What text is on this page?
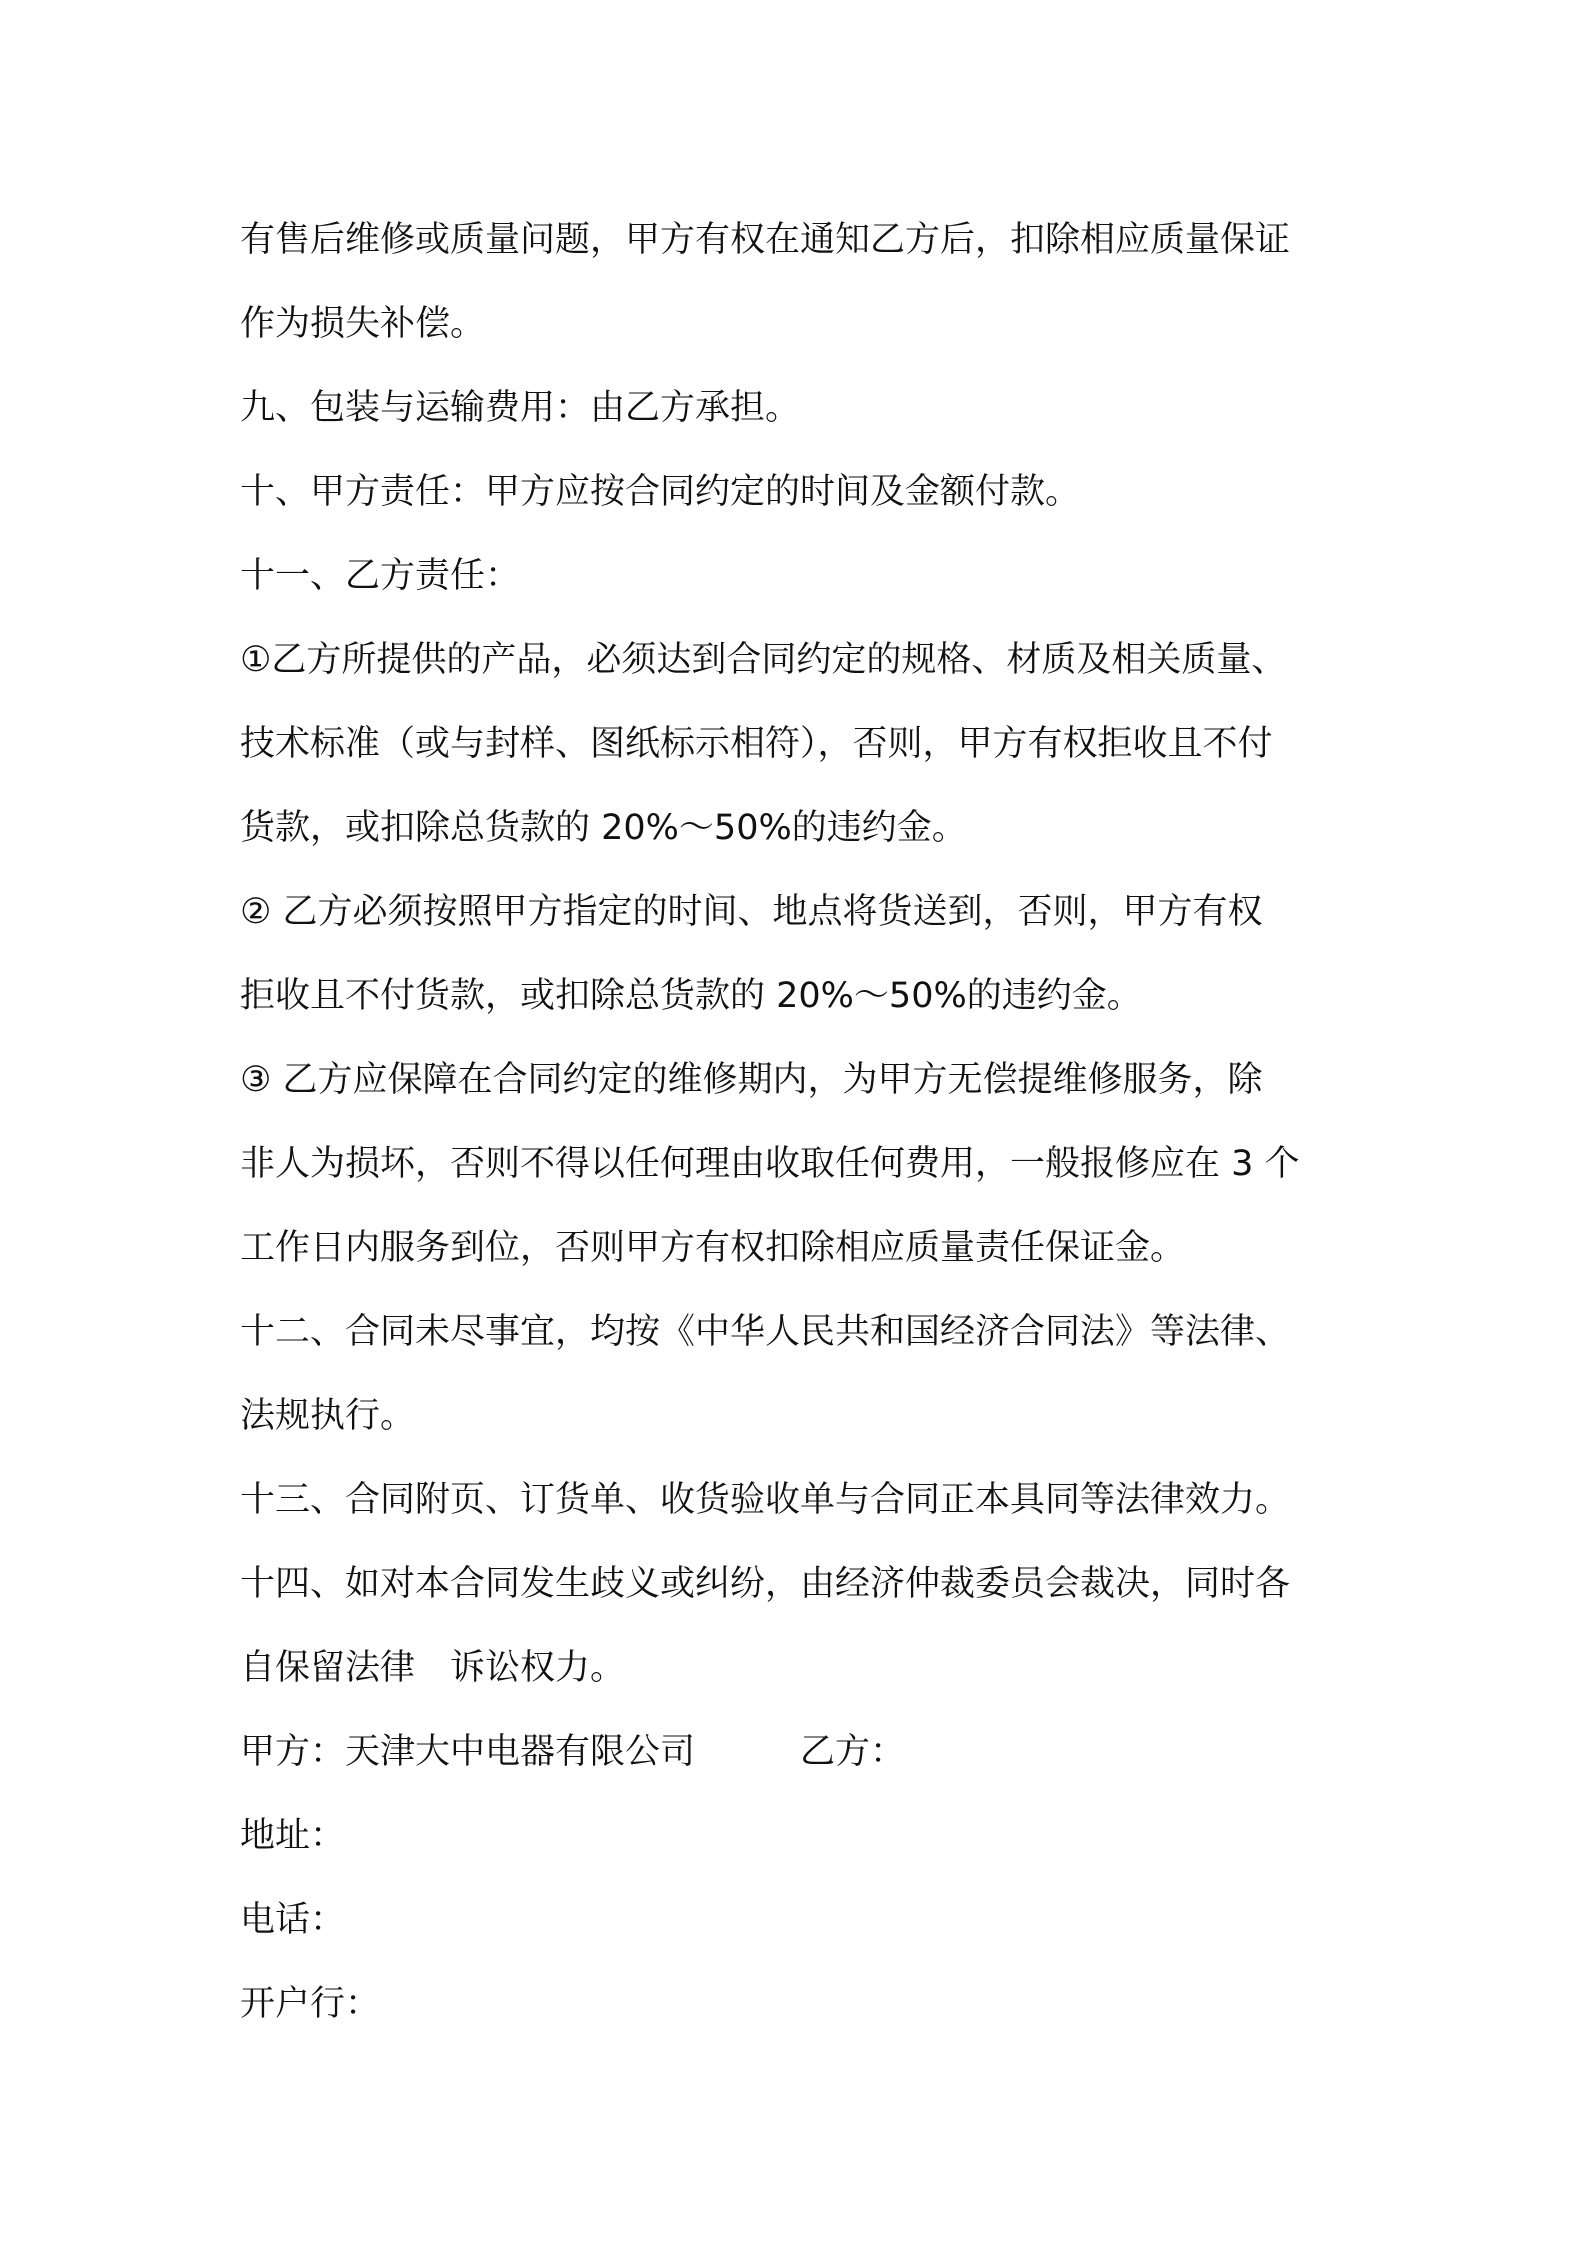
有售后维修或质量问题，甲方有权在通知乙方后，扣除相应质量保证
作为损失补偿。
九、包装与运输费用：由乙方承担。
十、甲方责任：甲方应按合同约定的时间及金额付款。
十一、乙方责任：
①乙方所提供的产品，必须达到合同约定的规格、材质及相关质量、
技术标准（或与封样、图纸标示相符），否则，甲方有权拒收且不付
货款，或扣除总货款的 20%～50%的违约金。
② 乙方必须按照甲方指定的时间、地点将货送到，否则，甲方有权
拒收且不付货款，或扣除总货款的 20%～50%的违约金。
③ 乙方应保障在合同约定的维修期内，为甲方无偿提维修服务，除
非人为损坏，否则不得以任何理由收取任何费用，一般报修应在 3 个
工作日内服务到位，否则甲方有权扣除相应质量责任保证金。
十二、合同未尽事宜，均按《中华人民共和国经济合同法》等法律、
法规执行。
十三、合同附页、订货单、收货验收单与合同正本具同等法律效力。
十四、如对本合同发生歧义或纠纷，由经济仲裁委员会裁决，同时各
自保留法律　诉讼权力。
甲方：天津大中电器有限公司	乙方：
地址：
电话：
开户行：
